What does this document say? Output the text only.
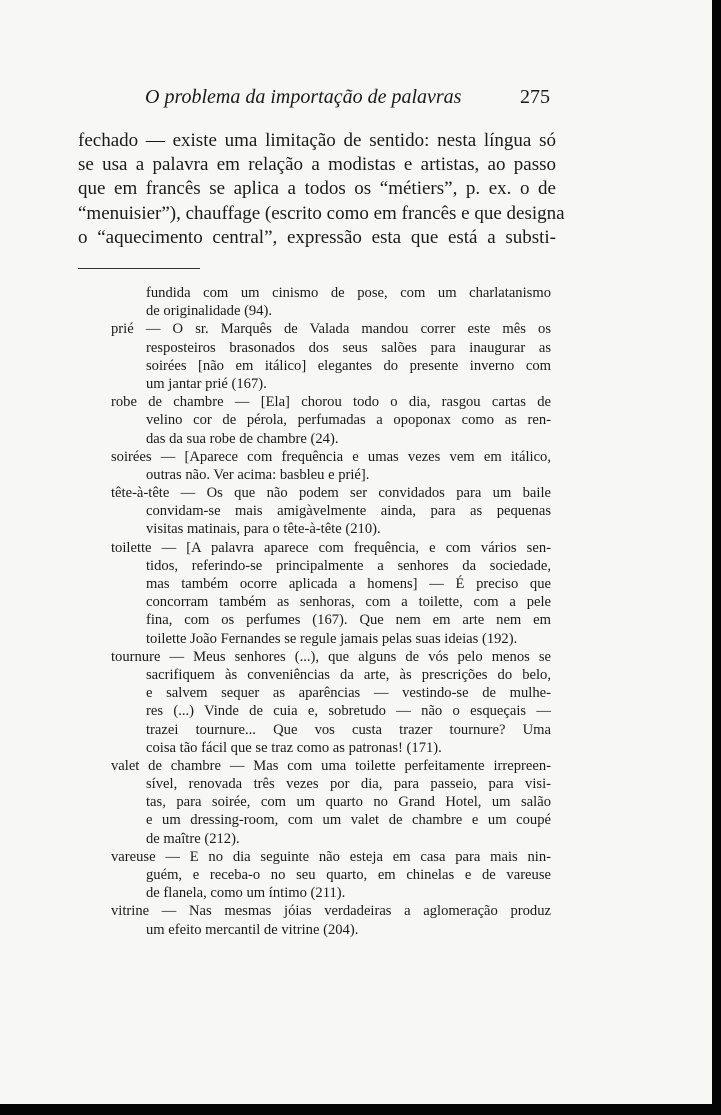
O problema da importação de palavras	275
fechado — existe uma limitação de sentido: nesta língua só
se usa a palavra em relação a modistas e artistas, ao passo
que em francês se aplica a todos os “métiers”, p. ex. o de
“menuisier”), chauffage (escrito como em francês e que designa
o “aquecimento central”, expressão esta que está a substi-
fundida com um cinismo de pose, com um charlatanismo
de originalidade (94).
prié — O sr. Marquês de Valada mandou correr este mês os
resposteiros brasonados dos seus salões para inaugurar as
soirées [não em itálico] elegantes do presente inverno com
um jantar prié (167).
robe de chambre — [Ela] chorou todo o dia, rasgou cartas de
velino cor de pérola, perfumadas a opoponax como as ren-
das da sua robe de chambre (24).
soirées — [Aparece com frequência e umas vezes vem em itálico,
outras não. Ver acima: basbleu e prié].
tête-à-tête — Os que não podem ser convidados para um baile
convidam-se mais amigàvelmente ainda, para as pequenas
visitas matinais, para o tête-à-tête (210).
toilette — [A palavra aparece com frequência, e com vários sen-
tidos, referindo-se principalmente a senhores da sociedade,
mas também ocorre aplicada a homens] — É preciso que
concorram também as senhoras, com a toilette, com a pele
fina, com os perfumes (167). Que nem em arte nem em
toilette João Fernandes se regule jamais pelas suas ideias (192).
tournure — Meus senhores (...), que alguns de vós pelo menos se
sacrifiquem às conveniências da arte, às prescrições do belo,
e salvem sequer as aparências — vestindo-se de mulhe-
res (...) Vinde de cuia e, sobretudo — não o esqueçais —
trazei tournure... Que vos custa trazer tournure? Uma
coisa tão fácil que se traz como as patronas! (171).
valet de chambre — Mas com uma toilette perfeitamente irrepreen-
sível, renovada três vezes por dia, para passeio, para visi-
tas, para soirée, com um quarto no Grand Hotel, um salão
e um dressing-room, com um valet de chambre e um coupé
de maître (212).
vareuse — E no dia seguinte não esteja em casa para mais nin-
guém, e receba-o no seu quarto, em chinelas e de vareuse
de flanela, como um íntimo (211).
vitrine — Nas mesmas jóias verdadeiras a aglomeração produz
um efeito mercantil de vitrine (204).
